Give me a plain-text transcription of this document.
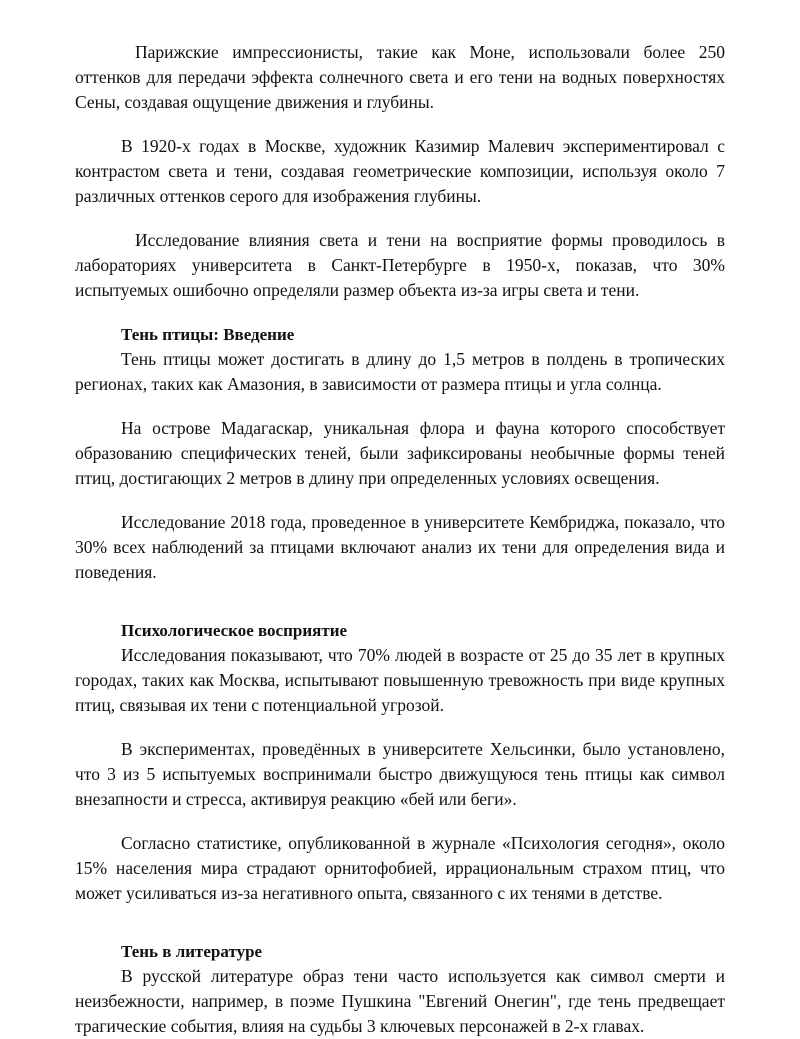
Парижские импрессионисты, такие как Моне, использовали более 250 оттенков для передачи эффекта солнечного света и его тени на водных поверхностях Сены, создавая ощущение движения и глубины.

В 1920-х годах в Москве, художник Казимир Малевич экспериментировал с контрастом света и тени, создавая геометрические композиции, используя около 7 различных оттенков серого для изображения глубины.

Исследование влияния света и тени на восприятие формы проводилось в лабораториях университета в Санкт-Петербурге в 1950-х, показав, что 30% испытуемых ошибочно определяли размер объекта из-за игры света и тени.

Тень птицы: Введение

Тень птицы может достигать в длину до 1,5 метров в полдень в тропических регионах, таких как Амазония, в зависимости от размера птицы и угла солнца.

На острове Мадагаскар, уникальная флора и фауна которого способствует образованию специфических теней, были зафиксированы необычные формы теней птиц, достигающих 2 метров в длину при определенных условиях освещения.

Исследование 2018 года, проведенное в университете Кембриджа, показало, что 30% всех наблюдений за птицами включают анализ их тени для определения вида и поведения.

Психологическое восприятие

Исследования показывают, что 70% людей в возрасте от 25 до 35 лет в крупных городах, таких как Москва, испытывают повышенную тревожность при виде крупных птиц, связывая их тени с потенциальной угрозой.

В экспериментах, проведённых в университете Хельсинки, было установлено, что 3 из 5 испытуемых воспринимали быстро движущуюся тень птицы как символ внезапности и стресса, активируя реакцию «бей или беги».

Согласно статистике, опубликованной в журнале «Психология сегодня», около 15% населения мира страдают орнитофобией, иррациональным страхом птиц, что может усиливаться из-за негативного опыта, связанного с их тенями в детстве.

Тень в литературе

В русской литературе образ тени часто используется как символ смерти и неизбежности, например, в поэме Пушкина "Евгений Онегин", где тень предвещает трагические события, влияя на судьбы 3 ключевых персонажей в 2-х главах.
